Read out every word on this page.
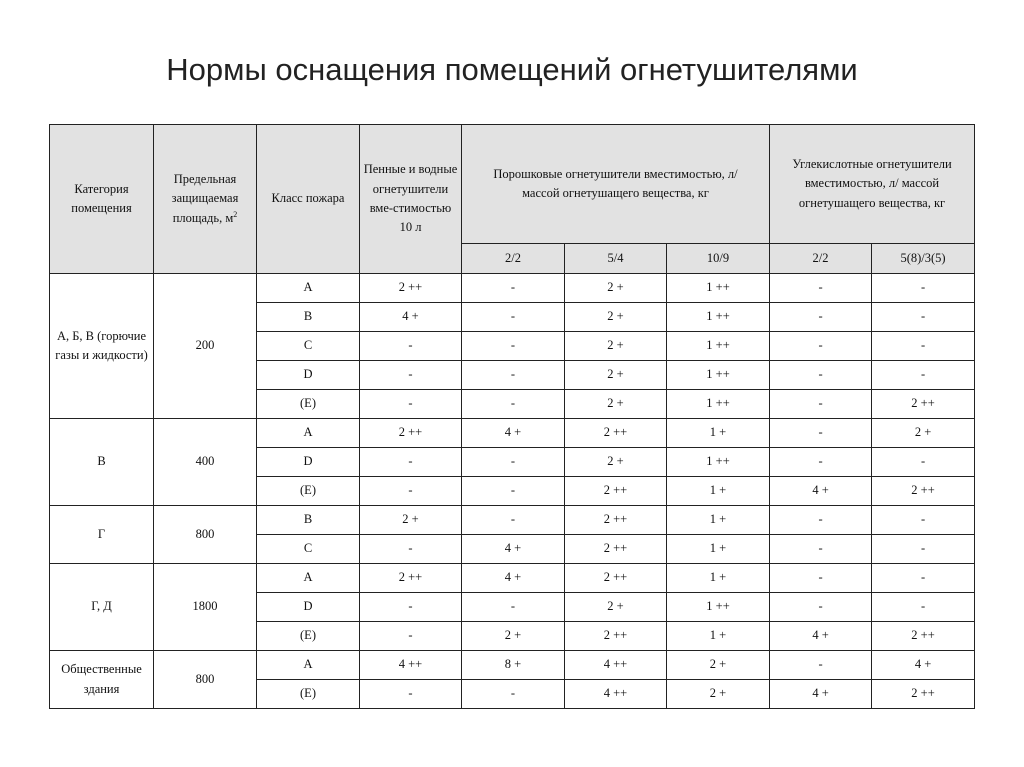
Нормы оснащения помещений огнетушителями
Категория помещения	Предельная защищаемая площадь, $м^2$	Класс пожара	Пенные и водные огнетушители вме-стимостью 10 л	Порошковые огнетушители вместимостью, л/ массой огнетушащего вещества, кг			Углекислотные огнетушители вместимостью, л/ массой огнетушащего вещества, кг	
				2/2	5/4	10/9	2/2	5(8)/3(5)
А, Б, В (горючие газы и жидкости)	200	А	2 ++	-	2 +	1 ++	-	-
		В	4 +	-	2 +	1 ++	-	-
		С	-	-	2 +	1 ++	-	-
		D	-	-	2 +	1 ++	-	-
		(E)	-	-	2 +	1 ++	-	2 ++
В	400	А	2 ++	4 +	2 ++	1 +	-	2 +
		D	-	-	2 +	1 ++	-	-
		(E)	-	-	2 ++	1 +	4 +	2 ++
Г	800	В	2 +	-	2 ++	1 +	-	-
		С	-	4 +	2 ++	1 +	-	-
Г, Д	1800	А	2 ++	4 +	2 ++	1 +	-	-
		D	-	-	2 +	1 ++	-	-
		(E)	-	2 +	2 ++	1 +	4 +	2 ++
Общественные здания	800	А	4 ++	8 +	4 ++	2 +	-	4 +
		(E)	-	-	4 ++	2 +	4 +	2 ++
